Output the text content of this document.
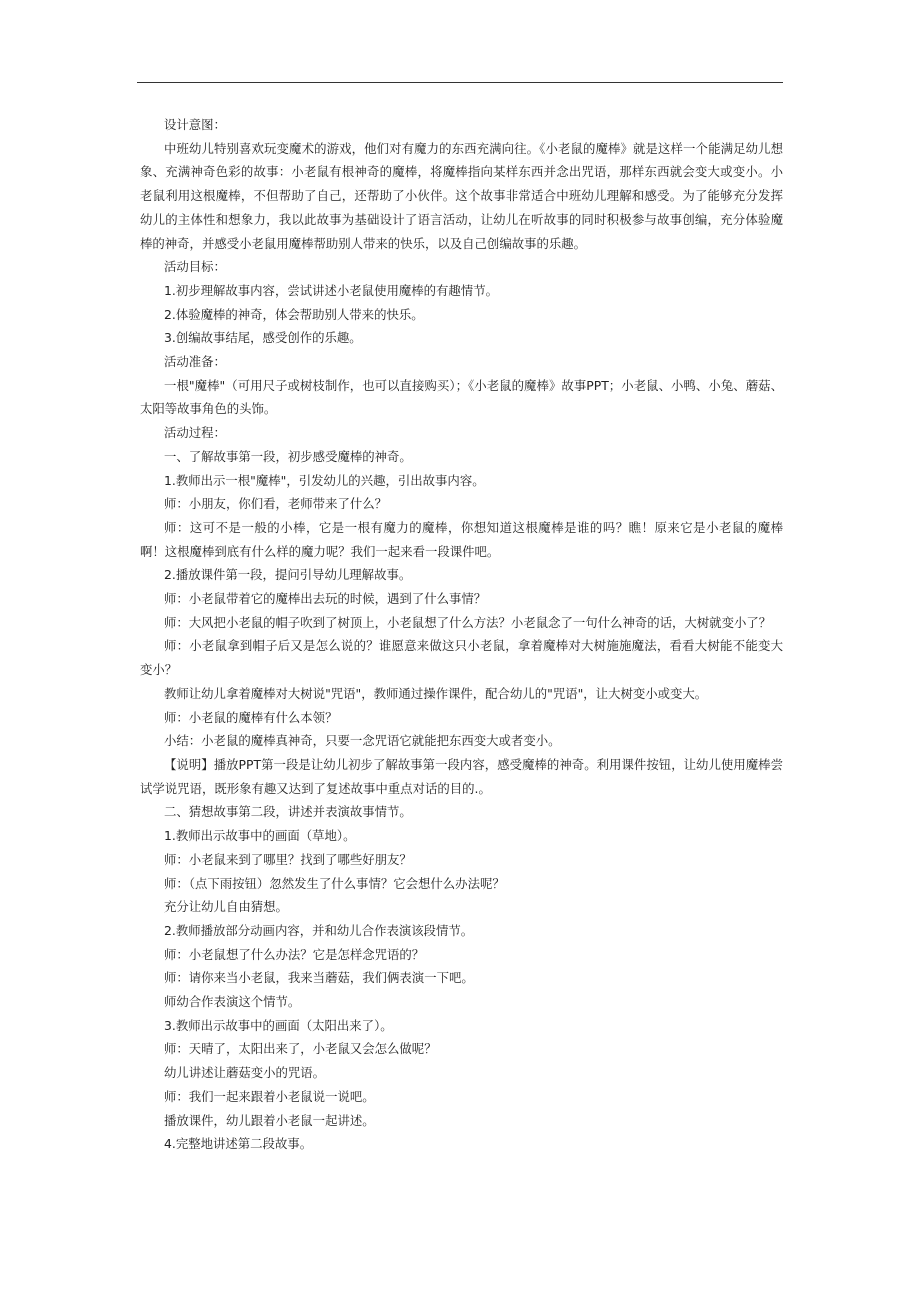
设计意图：

中班幼儿特别喜欢玩变魔术的游戏，他们对有魔力的东西充满向往。《小老鼠的魔棒》就是这样一个能满足幼儿想象、充满神奇色彩的故事：小老鼠有根神奇的魔棒，将魔棒指向某样东西并念出咒语，那样东西就会变大或变小。小老鼠利用这根魔棒，不但帮助了自己，还帮助了小伙伴。这个故事非常适合中班幼儿理解和感受。为了能够充分发挥幼儿的主体性和想象力，我以此故事为基础设计了语言活动，让幼儿在听故事的同时积极参与故事创编，充分体验魔棒的神奇，并感受小老鼠用魔棒帮助别人带来的快乐，以及自己创编故事的乐趣。

活动目标：

1.初步理解故事内容，尝试讲述小老鼠使用魔棒的有趣情节。

2.体验魔棒的神奇，体会帮助别人带来的快乐。

3.创编故事结尾，感受创作的乐趣。

活动准备：

一根"魔棒"（可用尺子或树枝制作，也可以直接购买）；《小老鼠的魔棒》故事PPT；小老鼠、小鸭、小兔、蘑菇、太阳等故事角色的头饰。

活动过程：

一、了解故事第一段，初步感受魔棒的神奇。

1.教师出示一根"魔棒"，引发幼儿的兴趣，引出故事内容。

师：小朋友，你们看，老师带来了什么？

师：这可不是一般的小棒，它是一根有魔力的魔棒，你想知道这根魔棒是谁的吗？瞧！原来它是小老鼠的魔棒啊！这根魔棒到底有什么样的魔力呢？我们一起来看一段课件吧。

2.播放课件第一段，提问引导幼儿理解故事。

师：小老鼠带着它的魔棒出去玩的时候，遇到了什么事情？

师：大风把小老鼠的帽子吹到了树顶上，小老鼠想了什么方法？小老鼠念了一句什么神奇的话，大树就变小了？

师：小老鼠拿到帽子后又是怎么说的？谁愿意来做这只小老鼠，拿着魔棒对大树施施魔法，看看大树能不能变大变小？

教师让幼儿拿着魔棒对大树说"咒语"，教师通过操作课件，配合幼儿的"咒语"，让大树变小或变大。

师：小老鼠的魔棒有什么本领？

小结：小老鼠的魔棒真神奇，只要一念咒语它就能把东西变大或者变小。

【说明】播放PPT第一段是让幼儿初步了解故事第一段内容，感受魔棒的神奇。利用课件按钮，让幼儿使用魔棒尝试学说咒语，既形象有趣又达到了复述故事中重点对话的目的.。

二、猜想故事第二段，讲述并表演故事情节。

1.教师出示故事中的画面（草地）。

师：小老鼠来到了哪里？找到了哪些好朋友？

师：（点下雨按钮）忽然发生了什么事情？它会想什么办法呢？

充分让幼儿自由猜想。

2.教师播放部分动画内容，并和幼儿合作表演该段情节。

师：小老鼠想了什么办法？它是怎样念咒语的？

师：请你来当小老鼠，我来当蘑菇，我们俩表演一下吧。

师幼合作表演这个情节。

3.教师出示故事中的画面（太阳出来了）。

师：天晴了，太阳出来了，小老鼠又会怎么做呢？

幼儿讲述让蘑菇变小的咒语。

师：我们一起来跟着小老鼠说一说吧。

播放课件，幼儿跟着小老鼠一起讲述。

4.完整地讲述第二段故事。
